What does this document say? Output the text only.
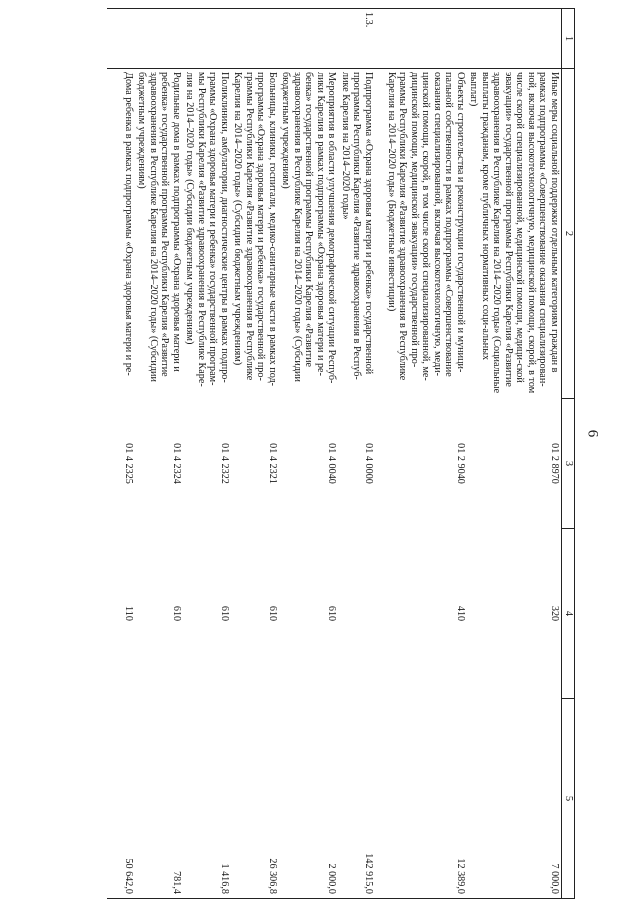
6
1	2	3	4	5
	Иные меры социальной поддержки отдельным категориям граждан в рамках подпрограммы «Совершенствование оказания специализирован-ной, включая высокотехнологичную, медицинской помощи, скорой, в том числе скорой специализированной, медицинской помощи, медици-ской эвакуации» государственной программы Республики Карелия «Развитие здравоохранения в Республике Карелия на 2014–2020 годы» (Социальные выплаты гражданам, кроме публичных нормативных соци-альных выплат)	01 2 8970	320	7 000,0
	Объекты строительства и реконструкции государственной и муници-пальной собственности в рамках подпрограммы «Совершенствование оказания специализированной, включая высокотехнологичную, меди-цинской помощи, скорой, в том числе скорой специализированной, ме-дицинской помощи, медицинской эвакуации» государственной про-граммы Республики Карелия «Развитие здравоохранения в Республике Карелия на 2014–2020 годы» (Бюджетные инвестиции)	01 2 9040	410	12 389,0
1.3.	Подпрограмма «Охрана здоровья матери и ребенка» государственной программы Республики Карелия «Развитие здравоохранения в Респуб-лике Карелия на 2014–2020 годы»	01 4 0000		142 915,0
	Мероприятия в области улучшения демографической ситуации Респуб-лики Карелия в рамках подпрограммы «Охрана здоровья матери и ре-бенка» государственной программы Республики Карелия «Развитие здравоохранения в Республике Карелия на 2014–2020 годы» (Субсидии бюджетным учреждениям)	01 4 0040	610	2 000,0
	Больницы, клиники, госпитали, медико-санитарные части в рамках под-программы «Охрана здоровья матери и ребенка» государственной про-граммы Республики Карелия «Развитие здравоохранения в Республике Карелия на 2014–2020 годы» (Субсидии бюджетным учреждениям)	01 4 2321	610	26 306,8
	Поликлиники, амбулатории, диагностические центры в рамках подпро-граммы «Охрана здоровья матери и ребенка» государственной програм-мы Республики Карелия «Развитие здравоохранения в Республике Каре-лия на 2014–2020 годы» (Субсидии бюджетным учреждениям)	01 4 2322	610	1 416,8
	Родильные дома в рамках подпрограммы «Охрана здоровья матери и ребенка» государственной программы Республики Карелия «Развитие здравоохранения в Республике Карелия на 2014–2020 годы» (Субсидии бюджетным учреждениям)	01 4 2324	610	781,4
	Дома ребенка в рамках подпрограммы «Охрана здоровья матери и ре-	01 4 2325	110	50 642,0
